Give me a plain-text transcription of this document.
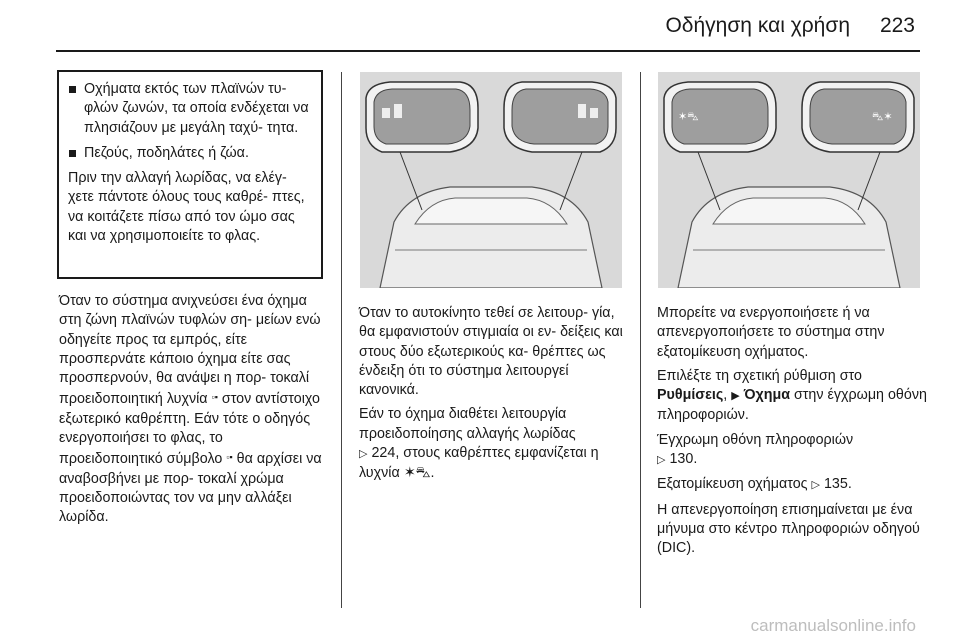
Οδήγηση και χρήση 223
Οχήματα εκτός των πλαϊνών τυ- φλών ζωνών, τα οποία ενδέχεται να πλησιάζουν με μεγάλη ταχύ- τητα.
Πεζούς, ποδηλάτες ή ζώα.

Πριν την αλλαγή λωρίδας, να ελέγ- χετε πάντοτε όλους τους καθρέ- πτες, να κοιτάζετε πίσω από τον ώμο σας και να χρησιμοποιείτε το φλας.

Όταν το σύστημα ανιχνεύσει ένα όχημα στη ζώνη πλαϊνών τυφλών ση- μείων ενώ οδηγείτε προς τα εμπρός, είτε προσπερνάτε κάποιο όχημα είτε σας προσπερνούν, θα ανάψει η πορ- τοκαλί προειδοποιητική λυχνία ▫▪ στον αντίστοιχο εξωτερικό καθρέπτη. Εάν τότε ο οδηγός ενεργοποιήσει το φλας, το προειδοποιητικό σύμβολο ▫▪ θα αρχίσει να αναβοσβήνει με πορ- τοκαλί χρώμα προειδοποιώντας τον να μην αλλάξει λωρίδα.

✶⛍	⛍✶

Όταν το αυτοκίνητο τεθεί σε λειτουρ- γία, θα εμφανιστούν στιγμιαία οι εν- δείξεις και στους δύο εξωτερικούς κα- θρέπτες ως ένδειξη ότι το σύστημα λειτουργεί κανονικά.

Εάν το όχημα διαθέτει λειτουργία προειδοποίησης αλλαγής λωρίδας
▷ 224, στους καθρέπτες εμφανίζεται η λυχνία ✶⛍.

Μπορείτε να ενεργοποιήσετε ή να απενεργοποιήσετε το σύστημα στην εξατομίκευση οχήματος.

Επιλέξτε τη σχετική ρύθμιση στο Ρυθμίσεις, ▶ Όχημα στην έγχρωμη οθόνη πληροφοριών.

Έγχρωμη οθόνη πληροφοριών
▷ 130.

Εξατομίκευση οχήματος ▷ 135.

Η απενεργοποίηση επισημαίνεται με ένα μήνυμα στο κέντρο πληροφοριών οδηγού (DIC).

carmanualsonline.info
